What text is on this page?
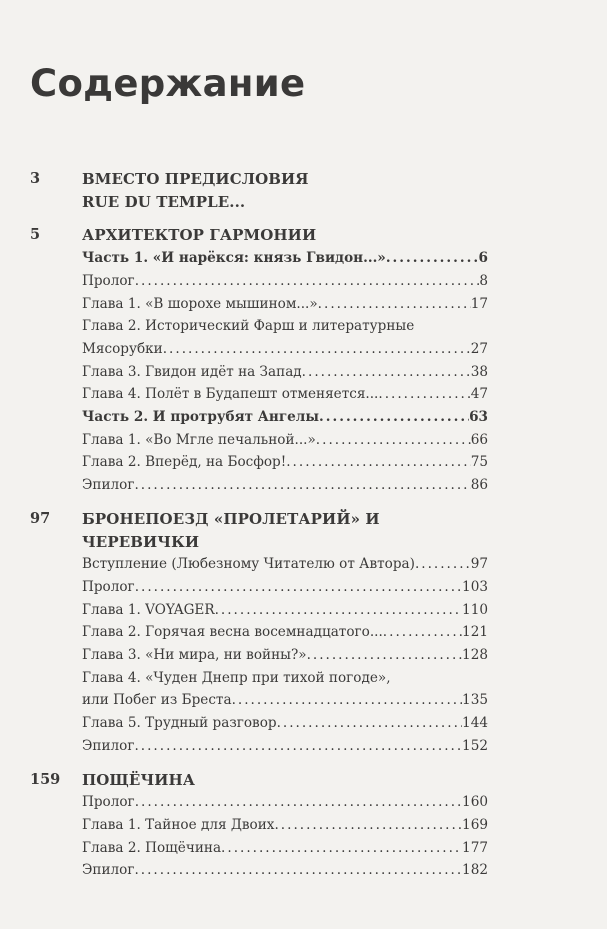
Содержание
3	ВМЕСТО ПРЕДИСЛОВИЯ
RUE DU TEMPLE...
5	АРХИТЕКТОР ГАРМОНИИ
Часть 1. «И нарёкся: князь Гвидон...» .....	6
Пролог .....	8
Глава 1. «В шорохе мышином...» .....	17
Глава 2. Исторический Фарш и литературные
Мясорубки .....	27
Глава 3. Гвидон идёт на Запад .....	38
Глава 4. Полёт в Будапешт отменяется... .....	47
Часть 2. И протрубят Ангелы .....	63
Глава 1. «Во Мгле печальной...» .....	66
Глава 2. Вперёд, на Босфор! .....	75
Эпилог .....	86
97	БРОНЕПОЕЗД «ПРОЛЕТАРИЙ» И ЧЕРЕВИЧКИ
Вступление (Любезному Читателю от Автора) .....	97
Пролог .....	103
Глава 1. VOYAGER .....	110
Глава 2. Горячая весна восемнадцатого... .....	121
Глава 3. «Ни мира, ни войны?» .....	128
Глава 4. «Чуден Днепр при тихой погоде»,
или Побег из Бреста .....	135
Глава 5. Трудный разговор .....	144
Эпилог .....	152
159	ПОЩЁЧИНА
Пролог .....	160
Глава 1. Тайное для Двоих .....	169
Глава 2. Пощёчина .....	177
Эпилог .....	182
